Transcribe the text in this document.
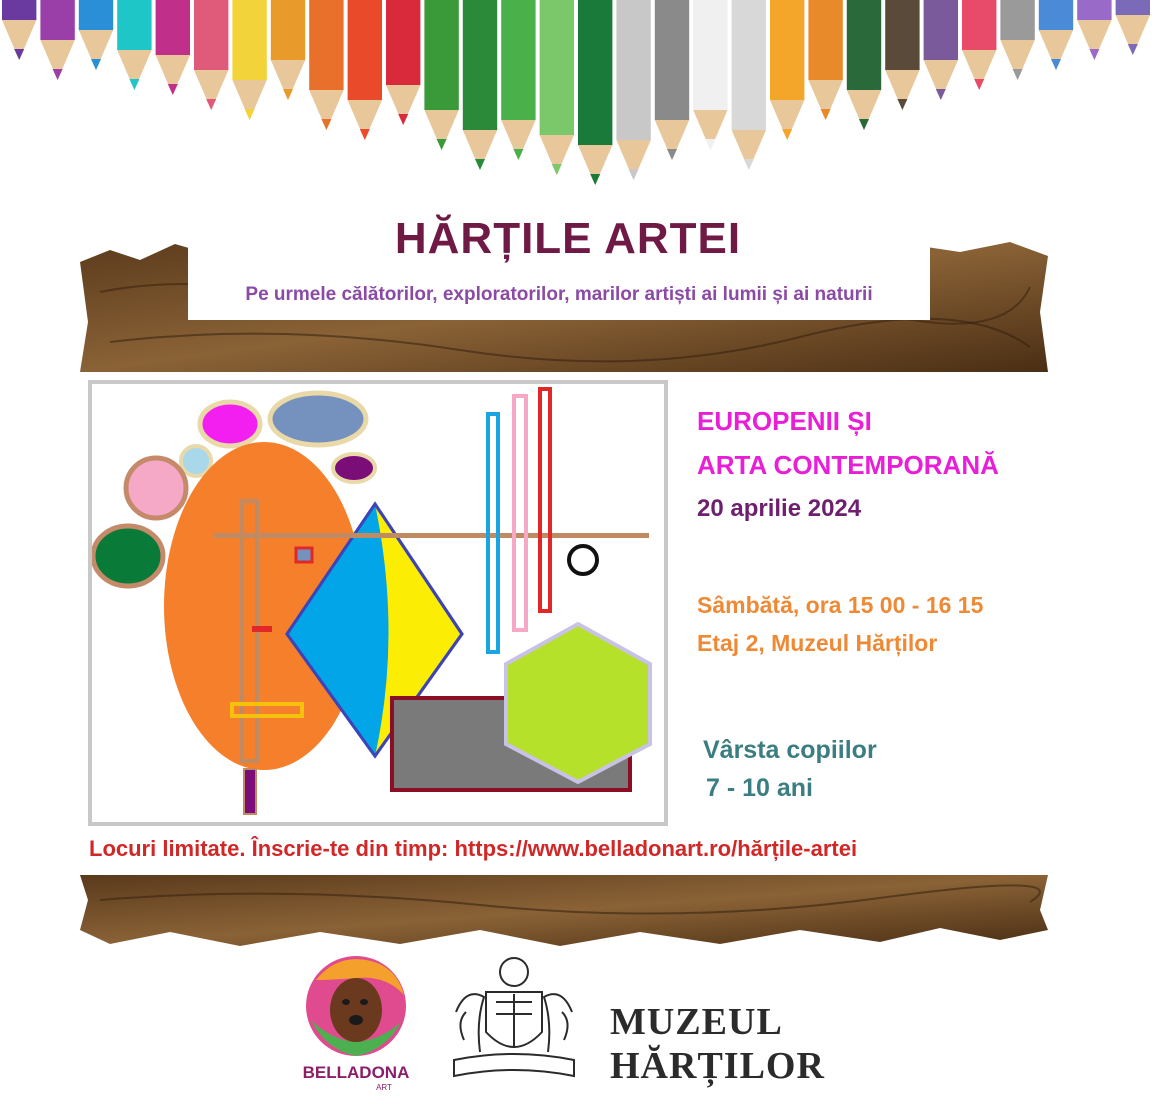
HĂRȚILE ARTEI
Pe urmele călătorilor, exploratorilor, marilor artiști ai lumii și ai naturii
EUROPENII ȘI
ARTA CONTEMPORANĂ
20 aprilie 2024
Sâmbătă, ora 15 00 - 16 15
Etaj 2, Muzeul Hărților
Vârsta copiilor
7 - 10 ani
Locuri limitate. Înscrie-te din timp: https://www.belladonart.ro/hărțile-artei
BELLADONA
ART
MUZEUL
HĂRȚILOR
